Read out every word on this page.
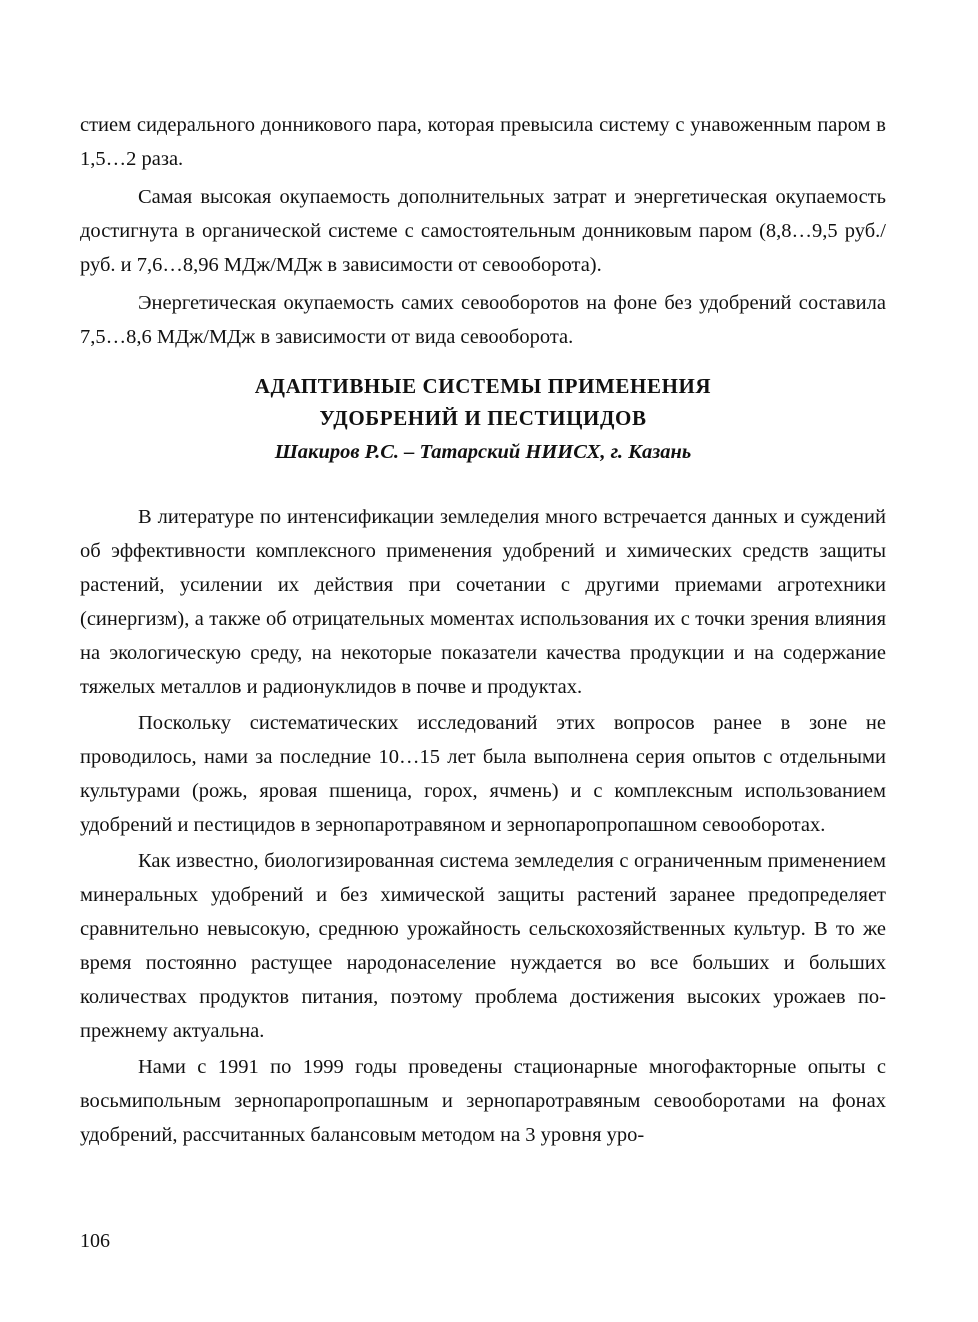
стием сидерального донникового пара, которая превысила систему с унавоженным паром в 1,5…2 раза.

Самая высокая окупаемость дополнительных затрат и энергетическая окупаемость достигнута в органической системе с самостоятельным донниковым паром (8,8…9,5 руб./руб. и 7,6…8,96 МДж/МДж в зависимости от севооборота).

Энергетическая окупаемость самих севооборотов на фоне без удобрений составила 7,5…8,6 МДж/МДж в зависимости от вида севооборота.

АДАПТИВНЫЕ СИСТЕМЫ ПРИМЕНЕНИЯ
УДОБРЕНИЙ И ПЕСТИЦИДОВ
Шакиров Р.С. – Татарский НИИСХ, г. Казань

В литературе по интенсификации земледелия много встречается данных и суждений об эффективности комплексного применения удобрений и химических средств защиты растений, усилении их действия при сочетании с другими приемами агротехники (синергизм), а также об отрицательных моментах использования их с точки зрения влияния на экологическую среду, на некоторые показатели качества продукции и на содержание тяжелых металлов и радионуклидов в почве и продуктах.

Поскольку систематических исследований этих вопросов ранее в зоне не проводилось, нами за последние 10…15 лет была выполнена серия опытов с отдельными культурами (рожь, яровая пшеница, горох, ячмень) и с комплексным использованием удобрений и пестицидов в зернопаротравяном и зернопаропропашном севооборотах.

Как известно, биологизированная система земледелия с ограниченным применением минеральных удобрений и без химической защиты растений заранее предопределяет сравнительно невысокую, среднюю урожайность сельскохозяйственных культур. В то же время постоянно растущее народонаселение нуждается во все больших и больших количествах продуктов питания, поэтому проблема достижения высоких урожаев по-прежнему актуальна.

Нами с 1991 по 1999 годы проведены стационарные многофакторные опыты с восьмипольным зернопаропропашным и зернопаротравяным севооборотами на фонах удобрений, рассчитанных балансовым методом на 3 уровня уро-

106
